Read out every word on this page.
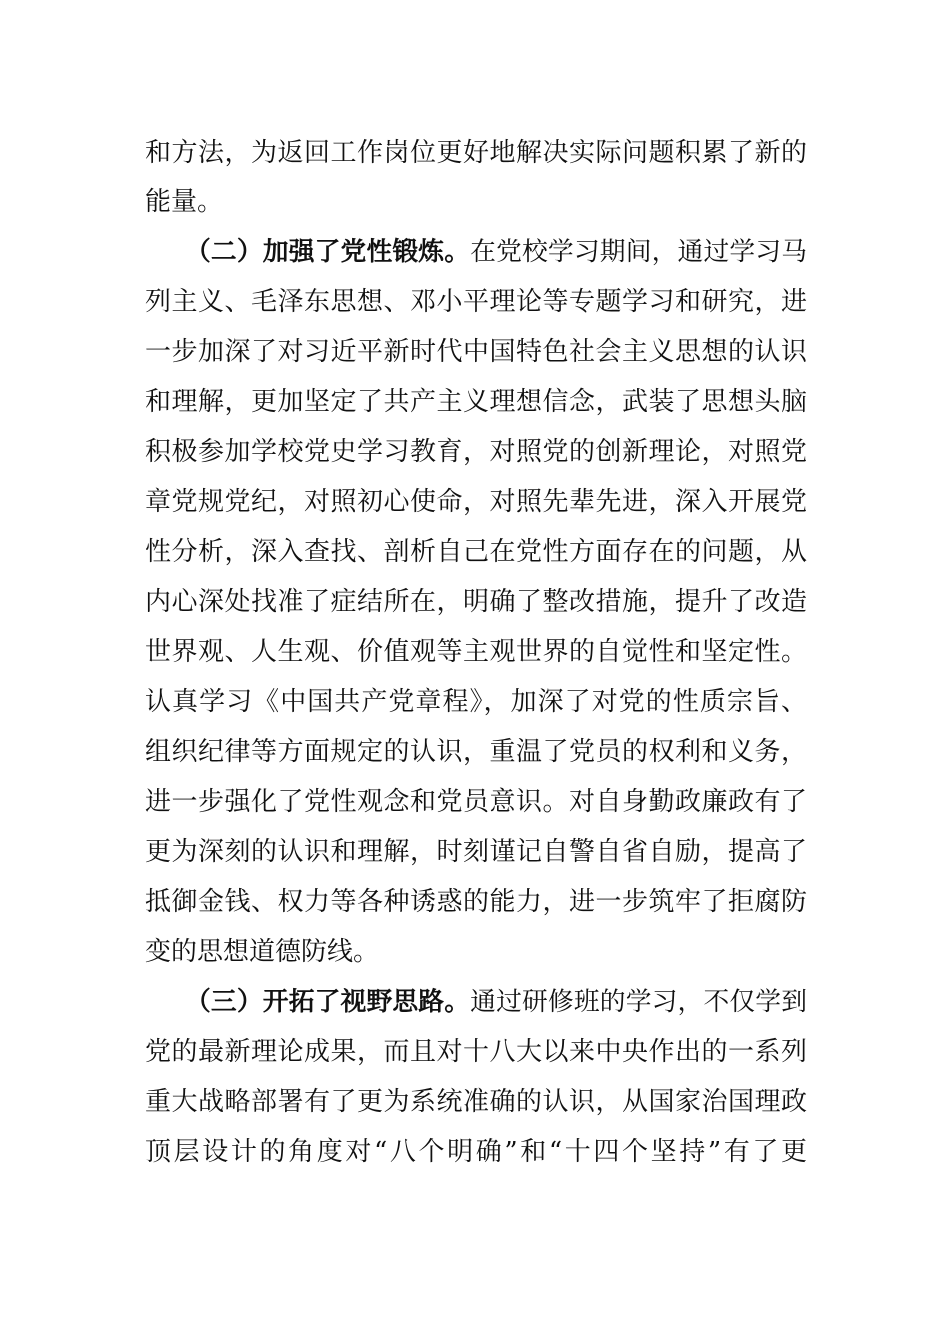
和方法，为返回工作岗位更好地解决实际问题积累了新的
能量。
（二）加强了党性锻炼。在党校学习期间，通过学习马
列主义、毛泽东思想、邓小平理论等专题学习和研究，进
一步加深了对习近平新时代中国特色社会主义思想的认识
和理解，更加坚定了共产主义理想信念，武装了思想头脑
积极参加学校党史学习教育，对照党的创新理论，对照党
章党规党纪，对照初心使命，对照先辈先进，深入开展党
性分析，深入查找、剖析自己在党性方面存在的问题，从
内心深处找准了症结所在，明确了整改措施，提升了改造
世界观、人生观、价值观等主观世界的自觉性和坚定性。
认真学习《中国共产党章程》，加深了对党的性质宗旨、
组织纪律等方面规定的认识，重温了党员的权利和义务，
进一步强化了党性观念和党员意识。对自身勤政廉政有了
更为深刻的认识和理解，时刻谨记自警自省自励，提高了
抵御金钱、权力等各种诱惑的能力，进一步筑牢了拒腐防
变的思想道德防线。
（三）开拓了视野思路。通过研修班的学习，不仅学到
党的最新理论成果，而且对十八大以来中央作出的一系列
重大战略部署有了更为系统准确的认识，从国家治国理政
顶层设计的角度对“八个明确”和“十四个坚持”有了更
